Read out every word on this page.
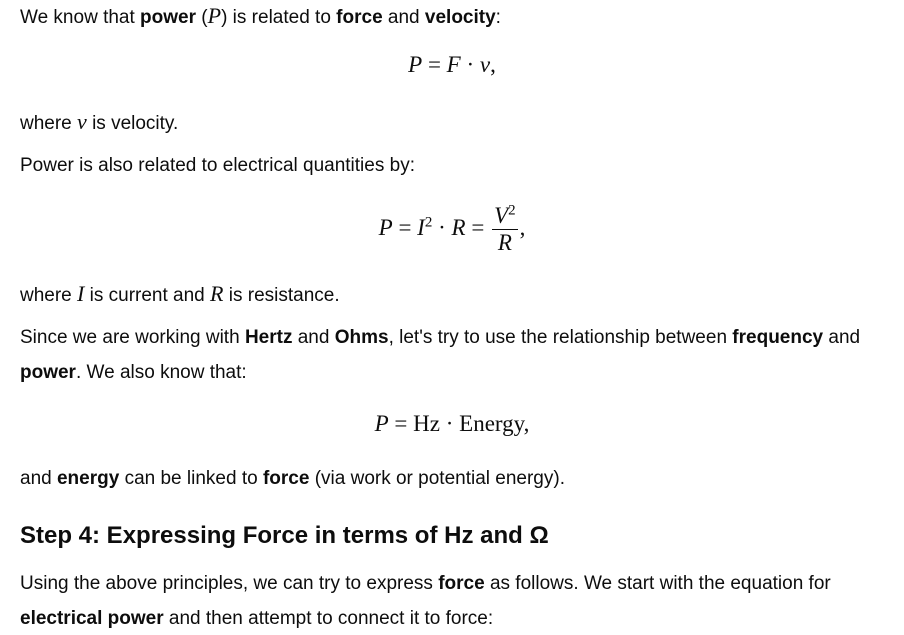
We know that power (P) is related to force and velocity:
P = F · v,
where v is velocity.
Power is also related to electrical quantities by:
$P = I^2 \cdot R = \frac{V^2}{R}$ ,
where I is current and R is resistance.
Since we are working with Hertz and Ohms, let's try to use the relationship between frequency and
power. We also know that:
P = Hz · Energy,
and energy can be linked to force (via work or potential energy).
Step 4: Expressing Force in terms of Hz and Ω
Using the above principles, we can try to express force as follows. We start with the equation for
electrical power and then attempt to connect it to force:
